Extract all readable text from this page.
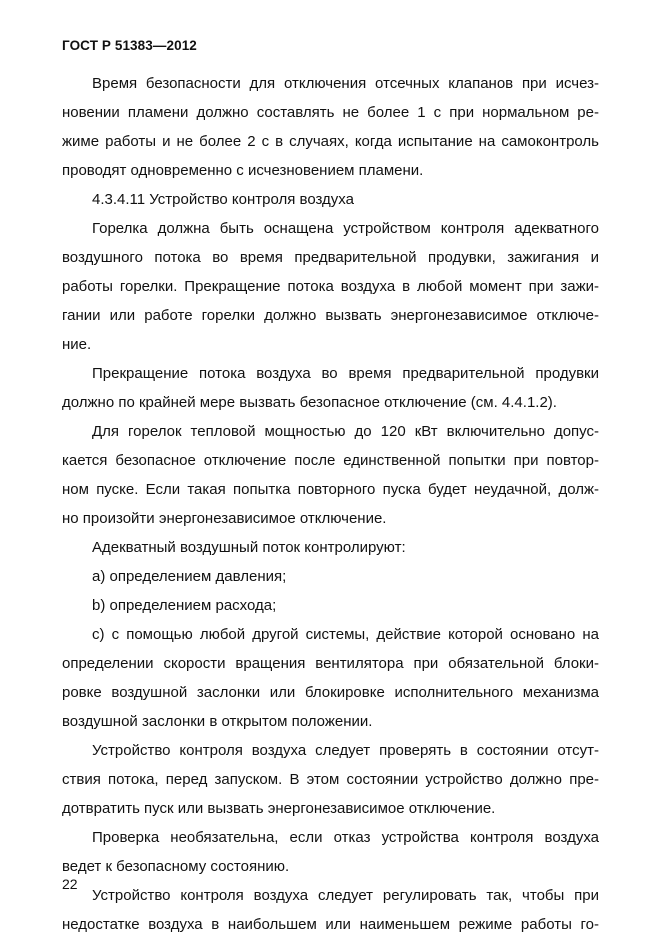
ГОСТ Р 51383—2012
Время безопасности для отключения отсечных клапанов при исчез-
новении пламени должно составлять не более 1 с при нормальном ре-
жиме работы и не более 2 с в случаях, когда испытание на самоконтроль
проводят одновременно с исчезновением пламени.
4.3.4.11 Устройство контроля воздуха
Горелка должна быть оснащена устройством контроля адекватного
воздушного потока во время предварительной продувки, зажигания и
работы горелки. Прекращение потока воздуха в любой момент при зажи-
гании или работе горелки должно вызвать энергонезависимое отключе-
ние.
Прекращение потока воздуха во время предварительной продувки
должно по крайней мере вызвать безопасное отключение (см. 4.4.1.2).
Для горелок тепловой мощностью до 120 кВт включительно допус-
кается безопасное отключение после единственной попытки при повтор-
ном пуске. Если такая попытка повторного пуска будет неудачной, долж-
но произойти энергонезависимое отключение.
Адекватный воздушный поток контролируют:
a) определением давления;
b) определением расхода;
c) с помощью любой другой системы, действие которой основано на
определении скорости вращения вентилятора при обязательной блоки-
ровке воздушной заслонки или блокировке исполнительного механизма
воздушной заслонки в открытом положении.
Устройство контроля воздуха следует проверять в состоянии отсут-
ствия потока, перед запуском. В этом состоянии устройство должно пре-
дотвратить пуск или вызвать энергонезависимое отключение.
Проверка необязательна, если отказ устройства контроля воздуха
ведет к безопасному состоянию.
Устройство контроля воздуха следует регулировать так, чтобы при
недостатке воздуха в наибольшем или наименьшем режиме работы го-
22
